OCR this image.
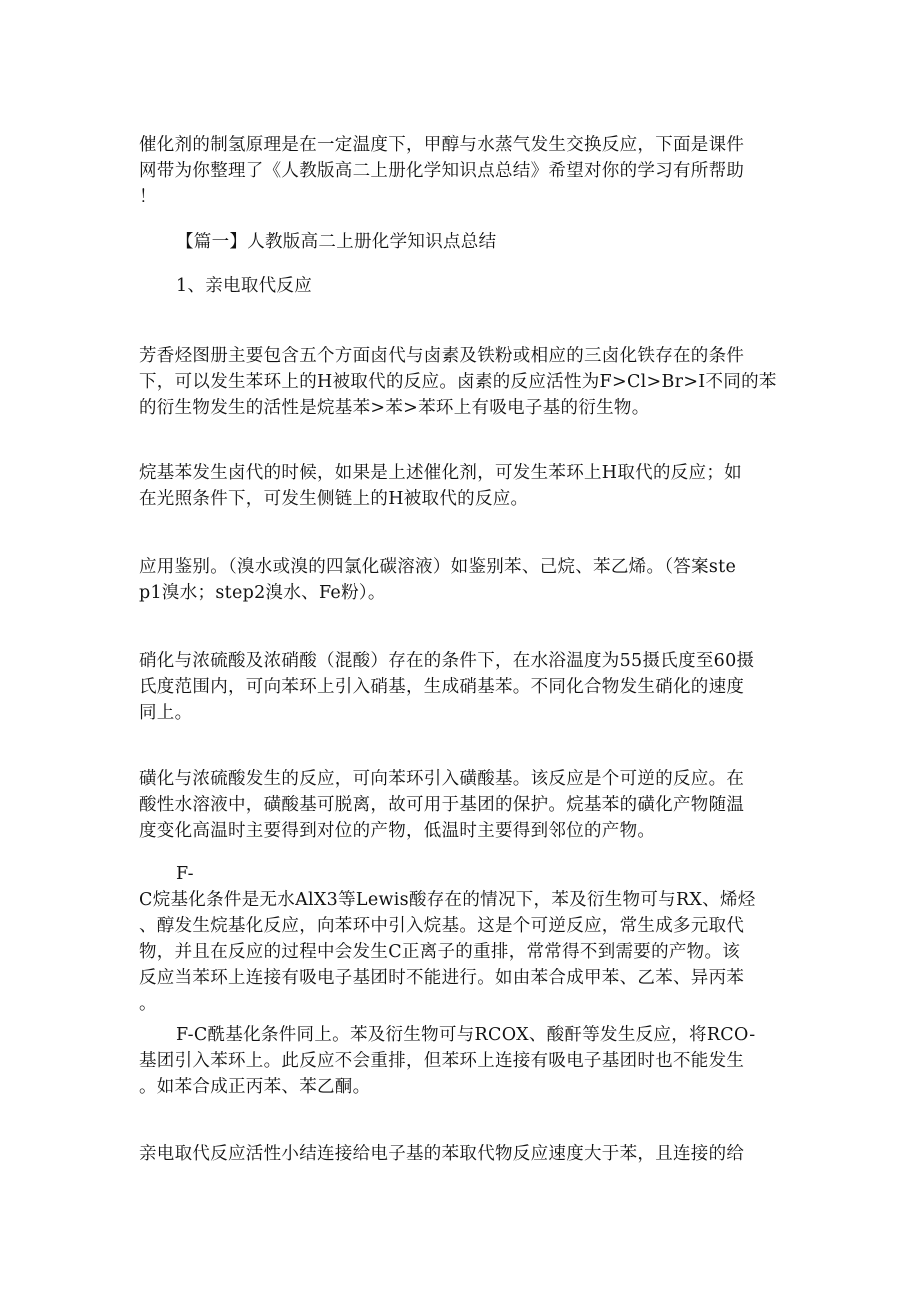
催化剂的制氢原理是在一定温度下，甲醇与水蒸气发生交换反应，下面是课件
网带为你整理了《人教版高二上册化学知识点总结》希望对你的学习有所帮助
！

【篇一】人教版高二上册化学知识点总结

1、亲电取代反应

芳香烃图册主要包含五个方面卤代与卤素及铁粉或相应的三卤化铁存在的条件
下，可以发生苯环上的H被取代的反应。卤素的反应活性为F>Cl>Br>I不同的苯
的衍生物发生的活性是烷基苯>苯>苯环上有吸电子基的衍生物。

烷基苯发生卤代的时候，如果是上述催化剂，可发生苯环上H取代的反应；如
在光照条件下，可发生侧链上的H被取代的反应。

应用鉴别。（溴水或溴的四氯化碳溶液）如鉴别苯、己烷、苯乙烯。（答案ste
p1溴水；step2溴水、Fe粉）。

硝化与浓硫酸及浓硝酸（混酸）存在的条件下，在水浴温度为55摄氏度至60摄
氏度范围内，可向苯环上引入硝基，生成硝基苯。不同化合物发生硝化的速度
同上。

磺化与浓硫酸发生的反应，可向苯环引入磺酸基。该反应是个可逆的反应。在
酸性水溶液中，磺酸基可脱离，故可用于基团的保护。烷基苯的磺化产物随温
度变化高温时主要得到对位的产物，低温时主要得到邻位的产物。

F-
C烷基化条件是无水AlX3等Lewis酸存在的情况下，苯及衍生物可与RX、烯烃
、醇发生烷基化反应，向苯环中引入烷基。这是个可逆反应，常生成多元取代
物，并且在反应的过程中会发生C正离子的重排，常常得不到需要的产物。该
反应当苯环上连接有吸电子基团时不能进行。如由苯合成甲苯、乙苯、异丙苯
。

F-C酰基化条件同上。苯及衍生物可与RCOX、酸酐等发生反应，将RCO-
基团引入苯环上。此反应不会重排，但苯环上连接有吸电子基团时也不能发生
。如苯合成正丙苯、苯乙酮。

亲电取代反应活性小结连接给电子基的苯取代物反应速度大于苯，且连接的给
